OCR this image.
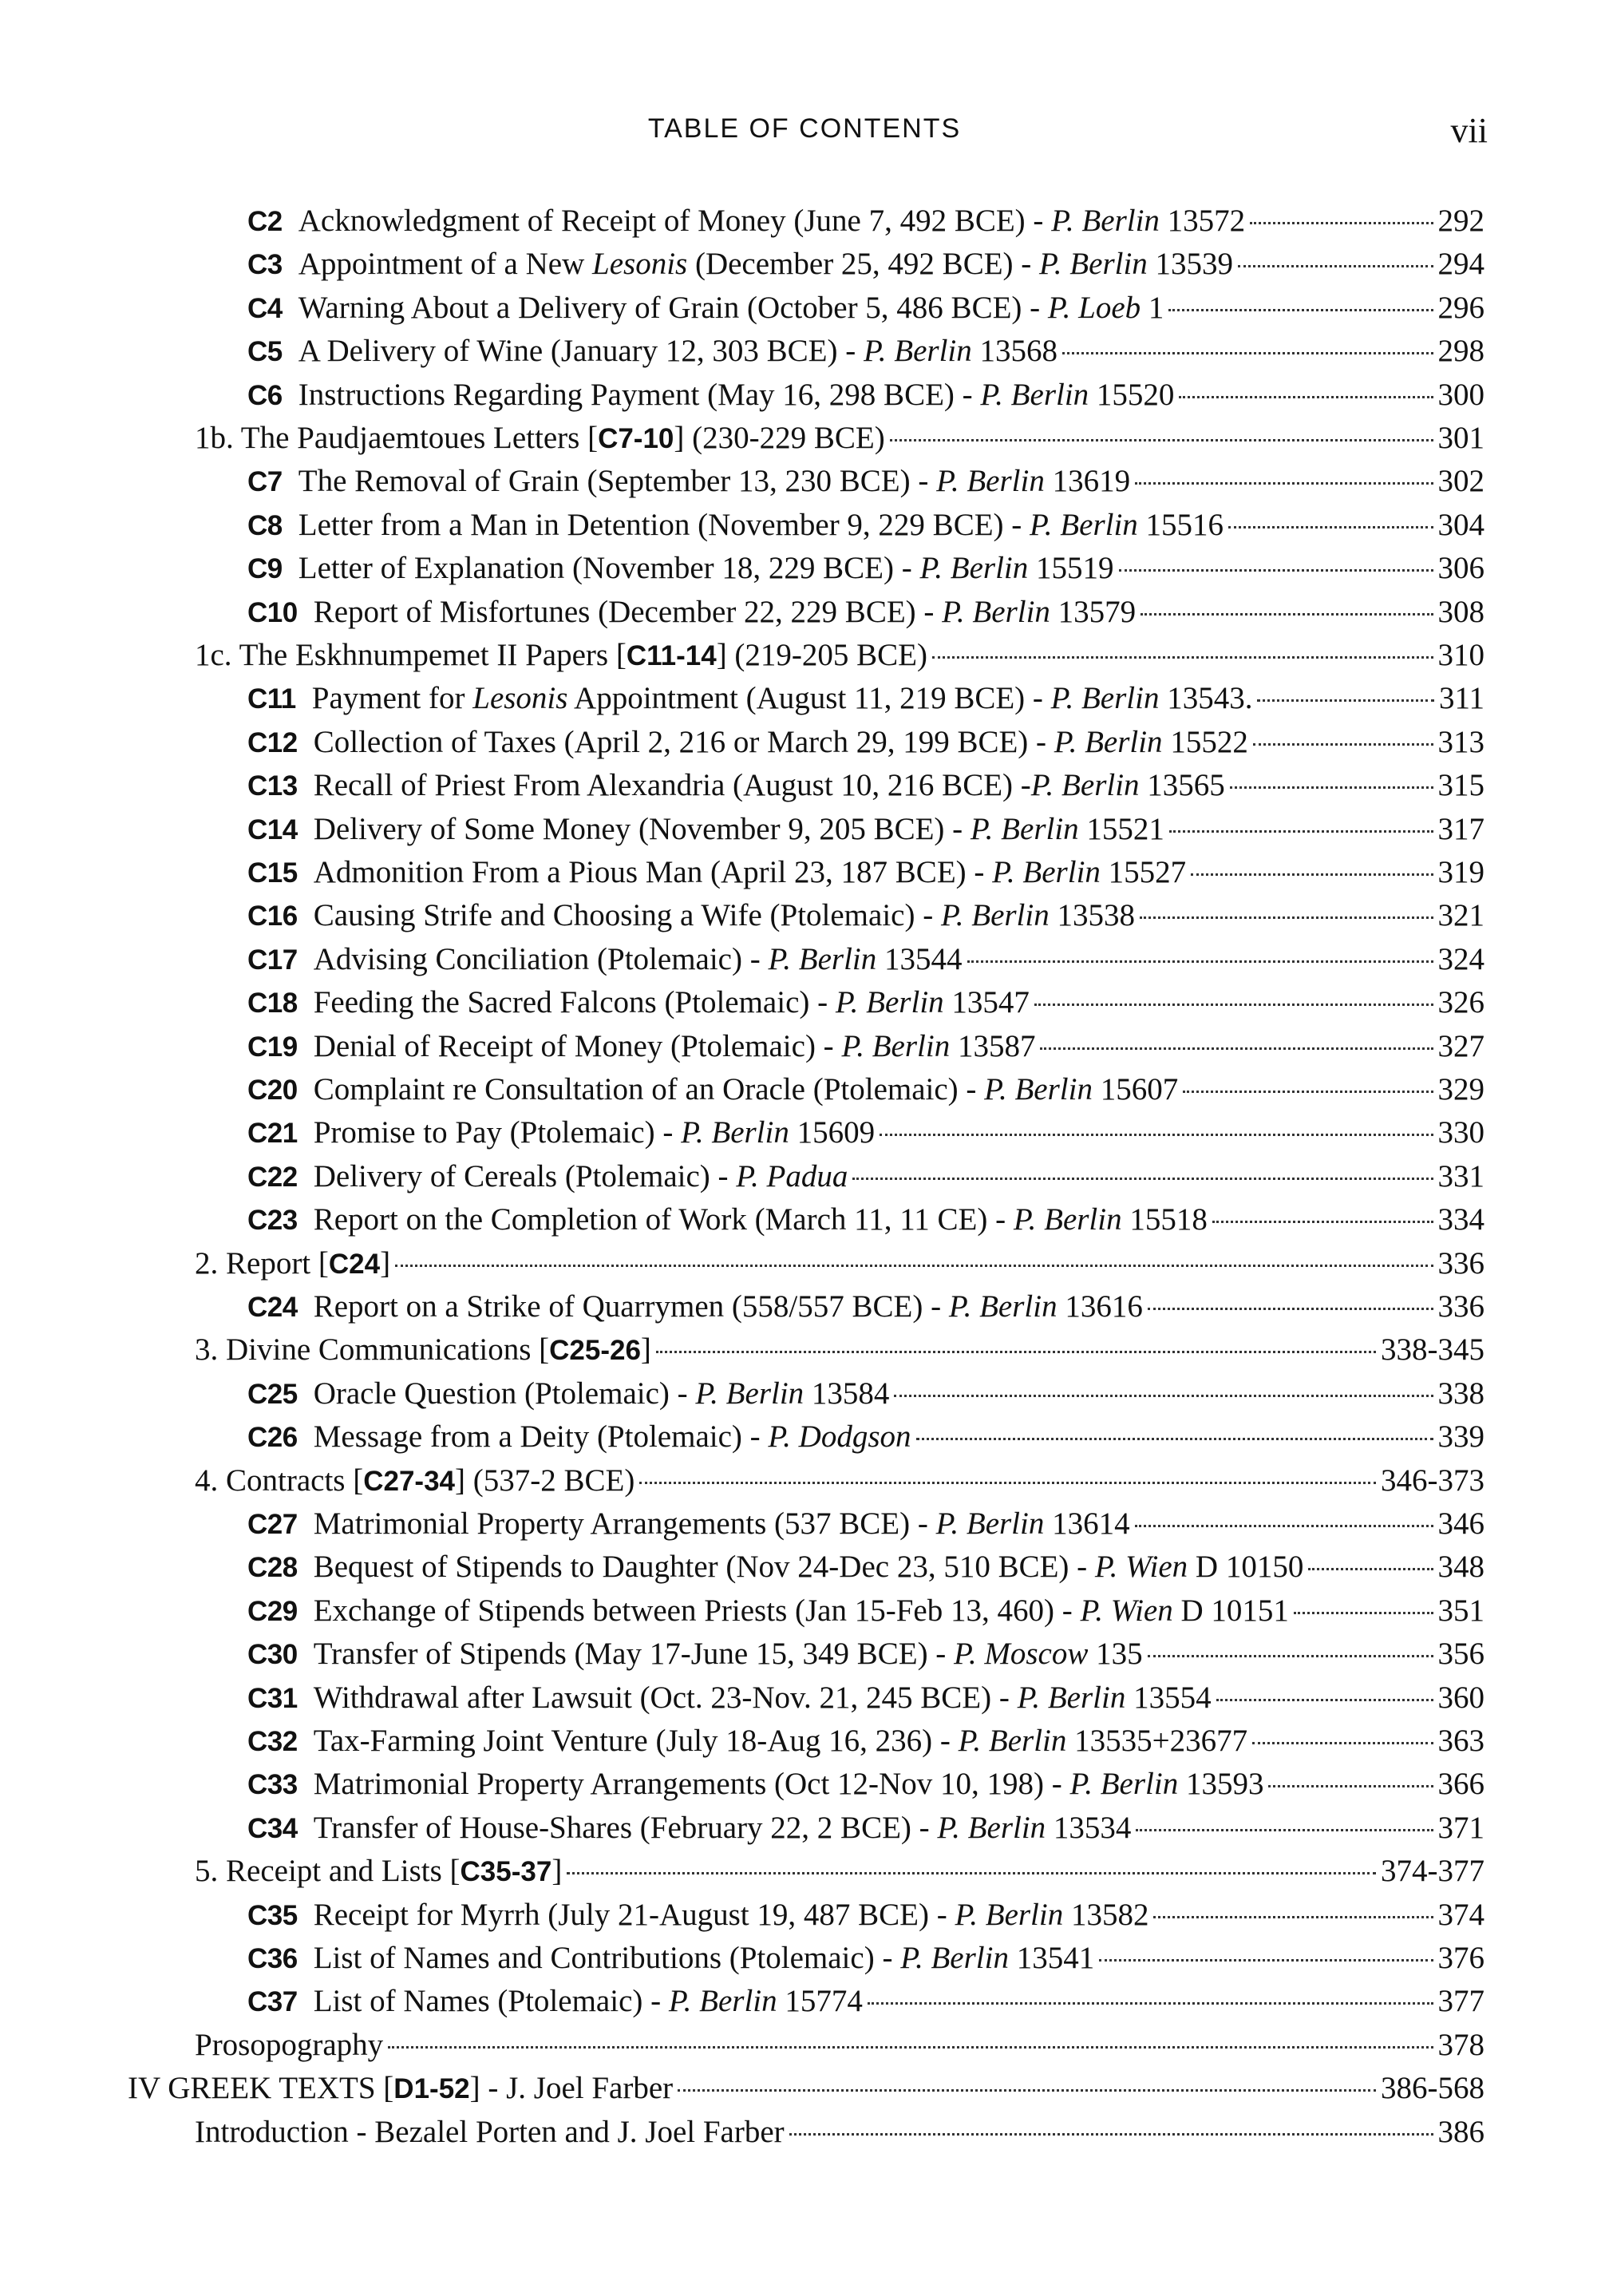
TABLE OF CONTENTS	vii
C2 Acknowledgment of Receipt of Money (June 7, 492 BCE) - P. Berlin 13572	292
C3 Appointment of a New Lesonis (December 25, 492 BCE) - P. Berlin 13539	294
C4 Warning About a Delivery of Grain (October 5, 486 BCE) - P. Loeb 1	296
C5 A Delivery of Wine (January 12, 303 BCE) - P. Berlin 13568	298
C6 Instructions Regarding Payment (May 16, 298 BCE) - P. Berlin 15520	300
1b. The Paudjaemtoues Letters [C7-10] (230-229 BCE)	301
C7 The Removal of Grain (September 13, 230 BCE) - P. Berlin 13619	302
C8 Letter from a Man in Detention (November 9, 229 BCE) - P. Berlin 15516	304
C9 Letter of Explanation (November 18, 229 BCE) - P. Berlin 15519	306
C10 Report of Misfortunes (December 22, 229 BCE) - P. Berlin 13579	308
1c. The Eskhnumpemet II Papers [C11-14] (219-205 BCE)	310
C11 Payment for Lesonis Appointment (August 11, 219 BCE) - P. Berlin 13543.	311
C12 Collection of Taxes (April 2, 216 or March 29, 199 BCE) - P. Berlin 15522	313
C13 Recall of Priest From Alexandria (August 10, 216 BCE) -P. Berlin 13565	315
C14 Delivery of Some Money (November 9, 205 BCE) - P. Berlin 15521	317
C15 Admonition From a Pious Man (April 23, 187 BCE) - P. Berlin 15527	319
C16 Causing Strife and Choosing a Wife (Ptolemaic) - P. Berlin 13538	321
C17 Advising Conciliation (Ptolemaic) - P. Berlin 13544	324
C18 Feeding the Sacred Falcons (Ptolemaic) - P. Berlin 13547	326
C19 Denial of Receipt of Money (Ptolemaic) - P. Berlin 13587	327
C20 Complaint re Consultation of an Oracle (Ptolemaic) - P. Berlin 15607	329
C21 Promise to Pay (Ptolemaic) - P. Berlin 15609	330
C22 Delivery of Cereals (Ptolemaic) - P. Padua	331
C23 Report on the Completion of Work (March 11, 11 CE) - P. Berlin 15518	334
2. Report [C24]	336
C24 Report on a Strike of Quarrymen (558/557 BCE) - P. Berlin 13616	336
3. Divine Communications [C25-26]	338-345
C25 Oracle Question (Ptolemaic) - P. Berlin 13584	338
C26 Message from a Deity (Ptolemaic) - P. Dodgson	339
4. Contracts [C27-34] (537-2 BCE)	346-373
C27 Matrimonial Property Arrangements (537 BCE) - P. Berlin 13614	346
C28 Bequest of Stipends to Daughter (Nov 24-Dec 23, 510 BCE) - P. Wien D 10150	348
C29 Exchange of Stipends between Priests (Jan 15-Feb 13, 460) - P. Wien D 10151	351
C30 Transfer of Stipends (May 17-June 15, 349 BCE) - P. Moscow 135	356
C31 Withdrawal after Lawsuit (Oct. 23-Nov. 21, 245 BCE) - P. Berlin 13554	360
C32 Tax-Farming Joint Venture (July 18-Aug 16, 236) - P. Berlin 13535+23677	363
C33 Matrimonial Property Arrangements (Oct 12-Nov 10, 198) - P. Berlin 13593	366
C34 Transfer of House-Shares (February 22, 2 BCE) - P. Berlin 13534	371
5. Receipt and Lists [C35-37]	374-377
C35 Receipt for Myrrh (July 21-August 19, 487 BCE) - P. Berlin 13582	374
C36 List of Names and Contributions (Ptolemaic) - P. Berlin 13541	376
C37 List of Names (Ptolemaic) - P. Berlin 15774	377
Prosopography	378
IV GREEK TEXTS [D1-52] - J. Joel Farber	386-568
Introduction - Bezalel Porten and J. Joel Farber	386
